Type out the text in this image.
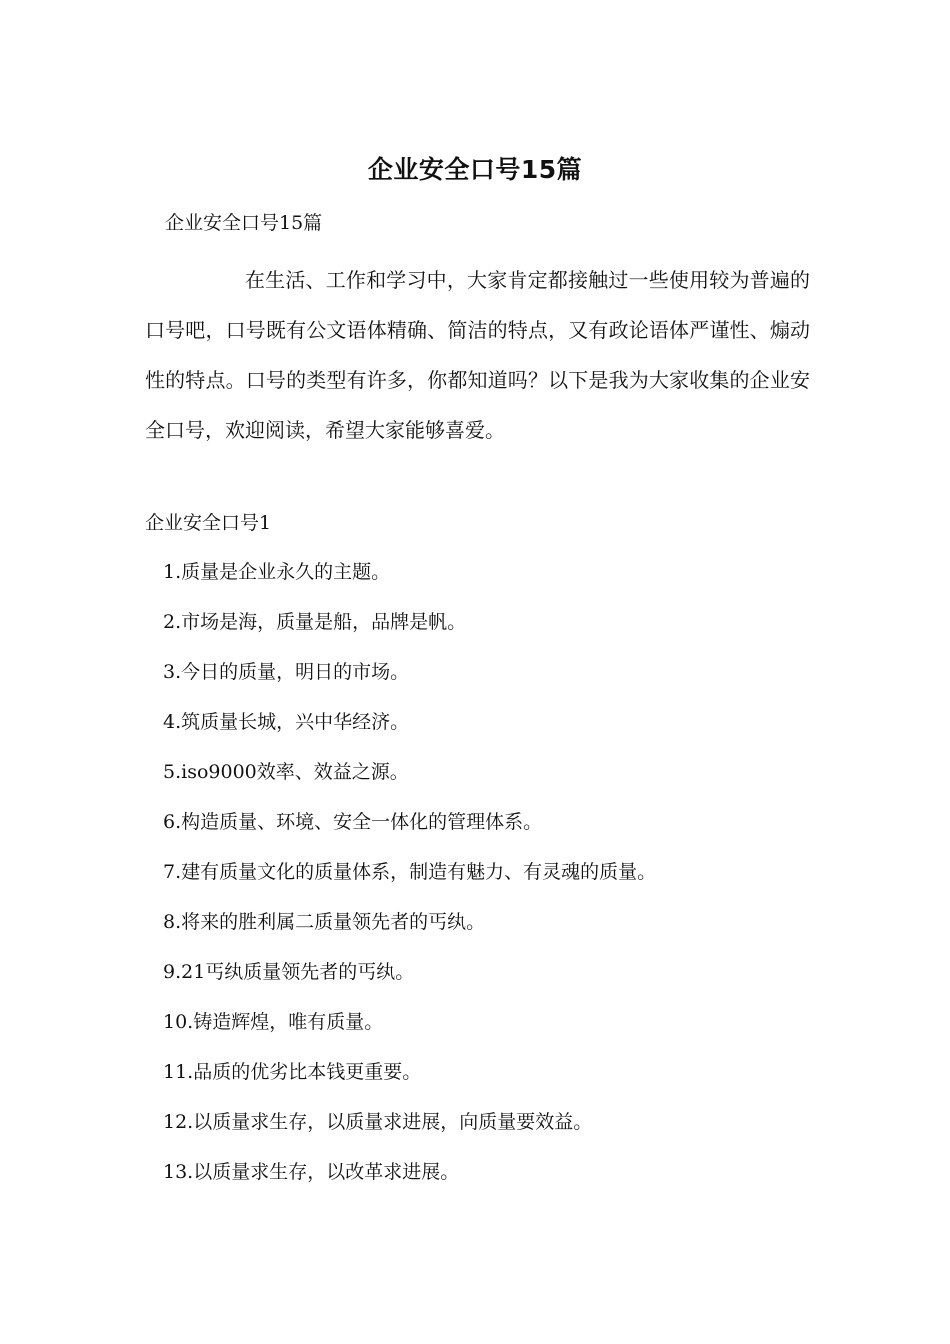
企业安全口号15篇
企业安全口号15篇

在生活、工作和学习中，大家肯定都接触过一些使用较为普遍的口号吧，口号既有公文语体精确、简洁的特点，又有政论语体严谨性、煽动性的特点。口号的类型有许多，你都知道吗？以下是我为大家收集的企业安全口号，欢迎阅读，希望大家能够喜爱。

企业安全口号1
1.质量是企业永久的主题。
2.市场是海，质量是船，品牌是帆。
3.今日的质量，明日的市场。
4.筑质量长城，兴中华经济。
5.iso9000效率、效益之源。
6.构造质量、环境、安全一体化的管理体系。
7.建有质量文化的质量体系，制造有魅力、有灵魂的质量。
8.将来的胜利属二质量领先者的丐纨。
9.21丐纨质量领先者的丐纨。
10.铸造辉煌，唯有质量。
11.品质的优劣比本钱更重要。
12.以质量求生存，以质量求进展，向质量要效益。
13.以质量求生存，以改革求进展。
